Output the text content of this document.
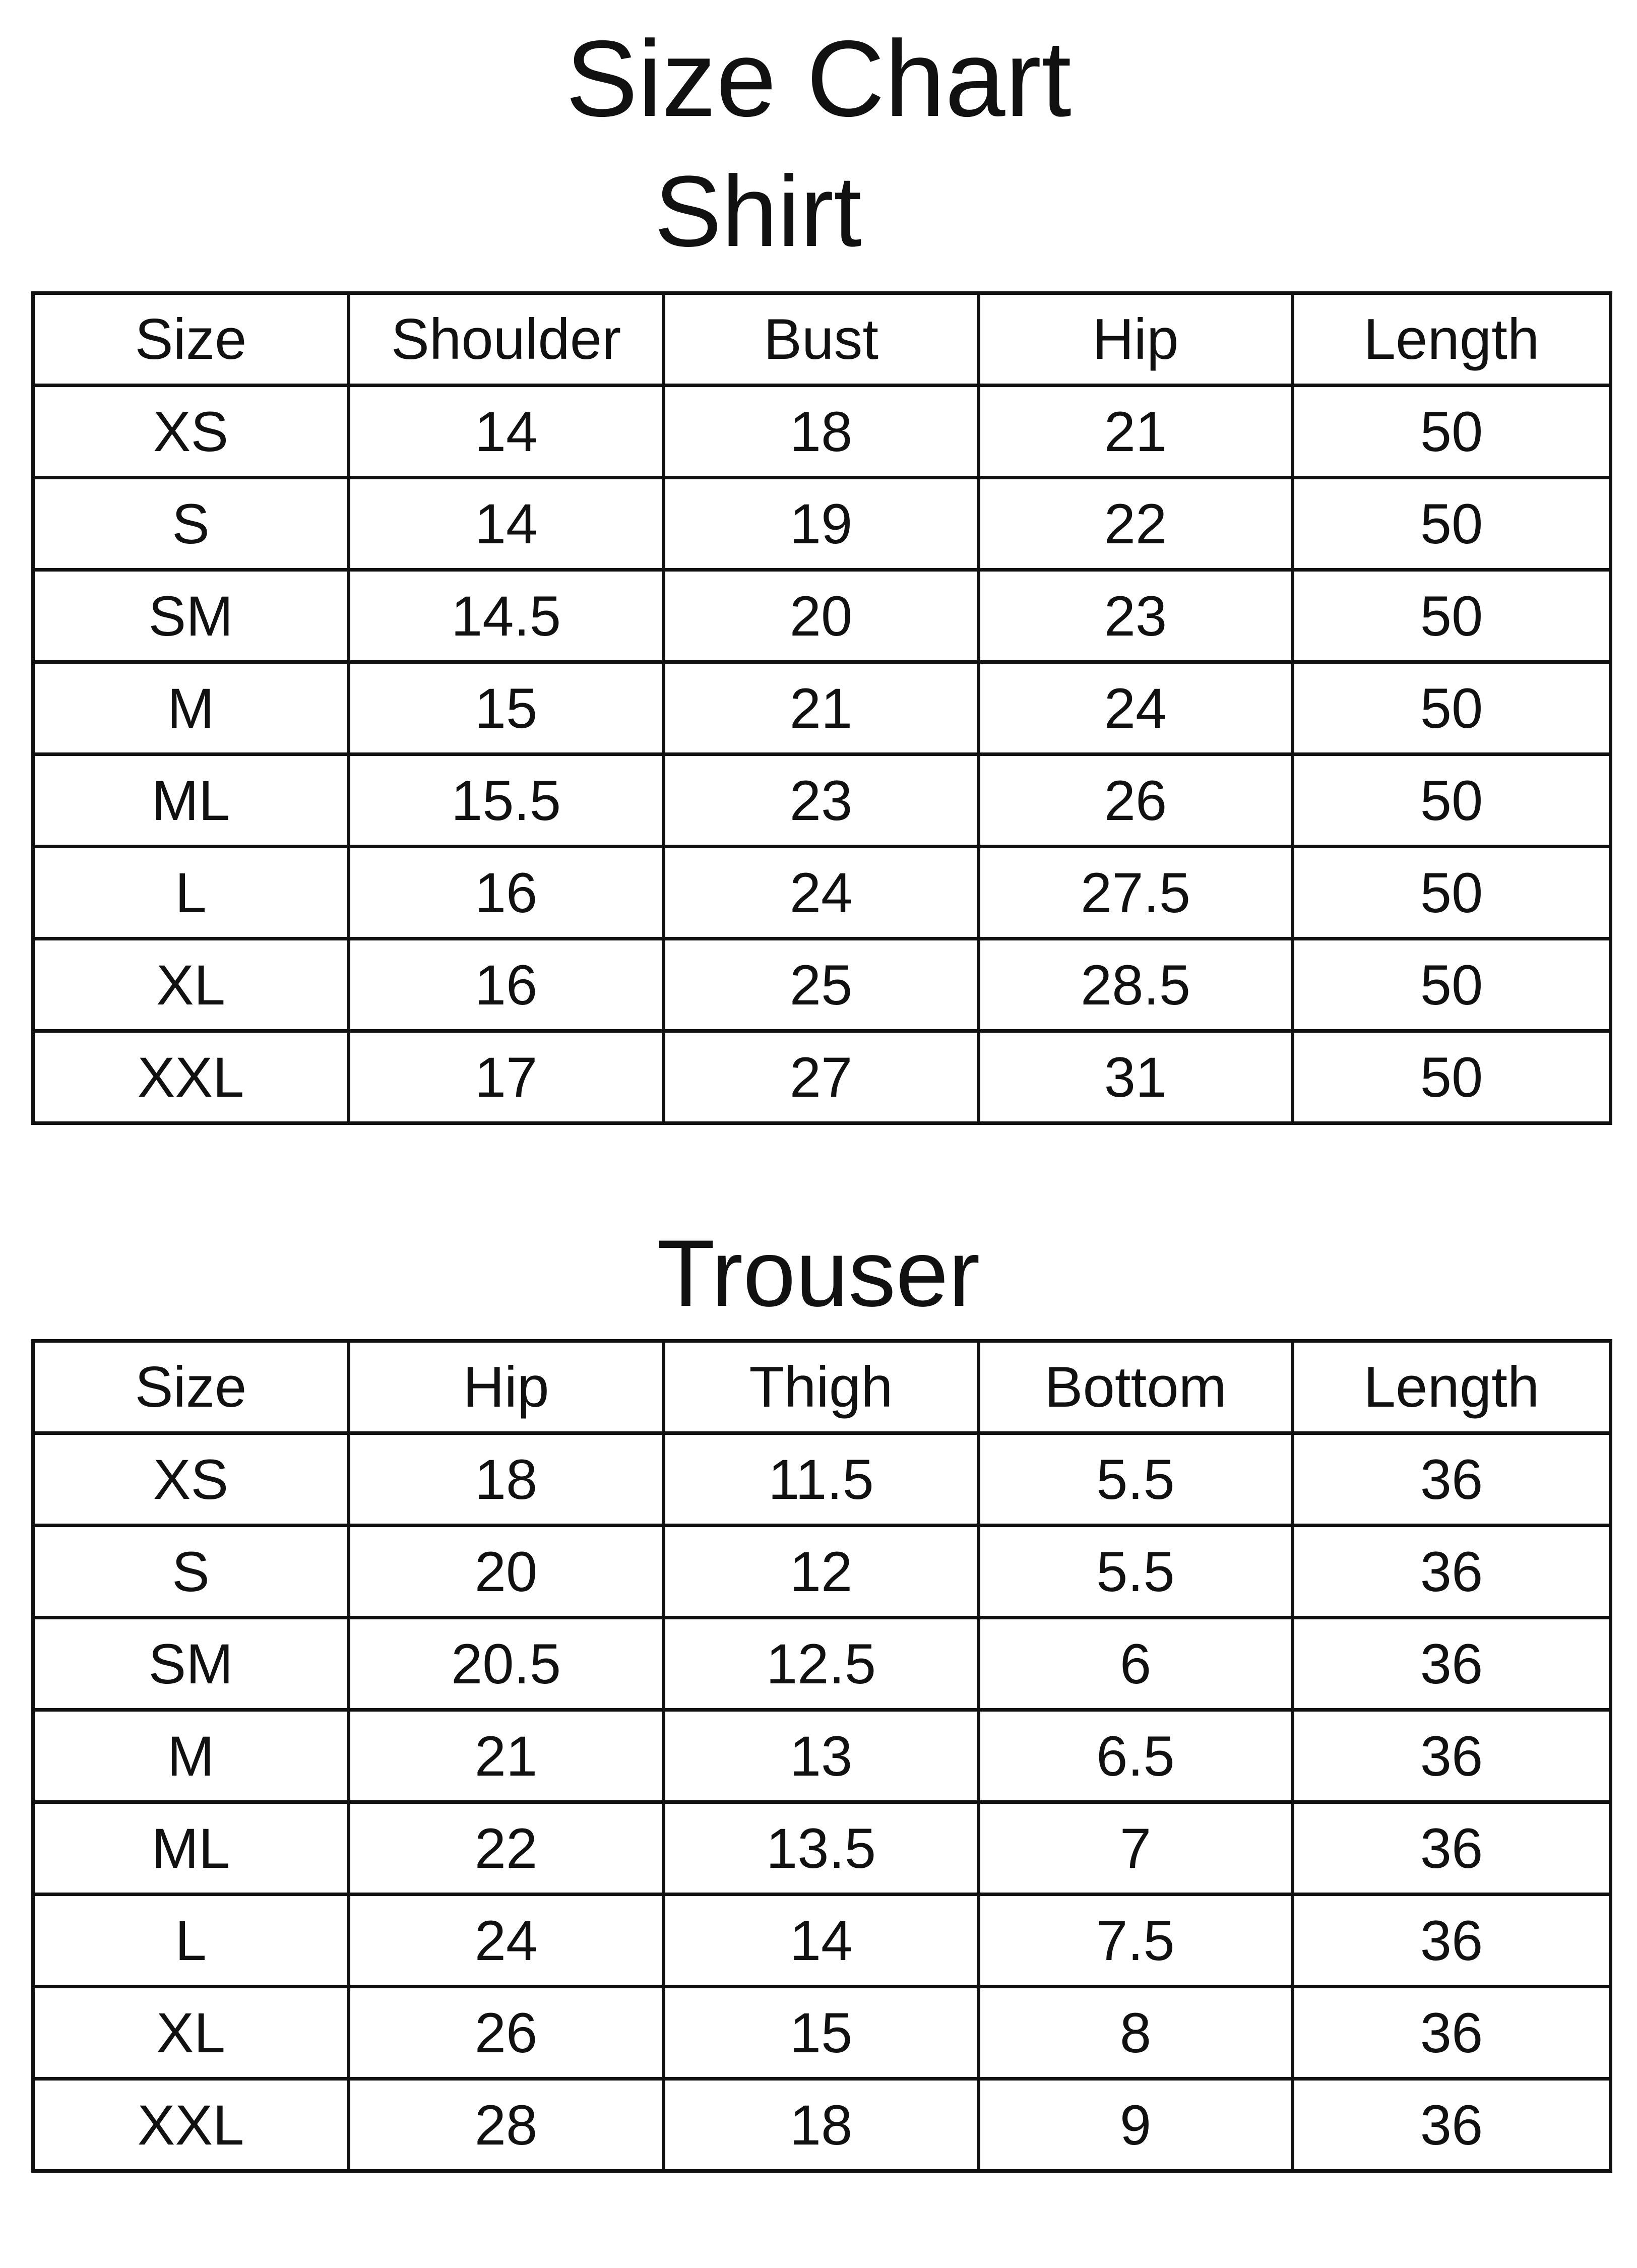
Size Chart
Shirt
Size	Shoulder	Bust	Hip	Length
XS	14	18	21	50
S	14	19	22	50
SM	14.5	20	23	50
M	15	21	24	50
ML	15.5	23	26	50
L	16	24	27.5	50
XL	16	25	28.5	50
XXL	17	27	31	50
Trouser
Size	Hip	Thigh	Bottom	Length
XS	18	11.5	5.5	36
S	20	12	5.5	36
SM	20.5	12.5	6	36
M	21	13	6.5	36
ML	22	13.5	7	36
L	24	14	7.5	36
XL	26	15	8	36
XXL	28	18	9	36
